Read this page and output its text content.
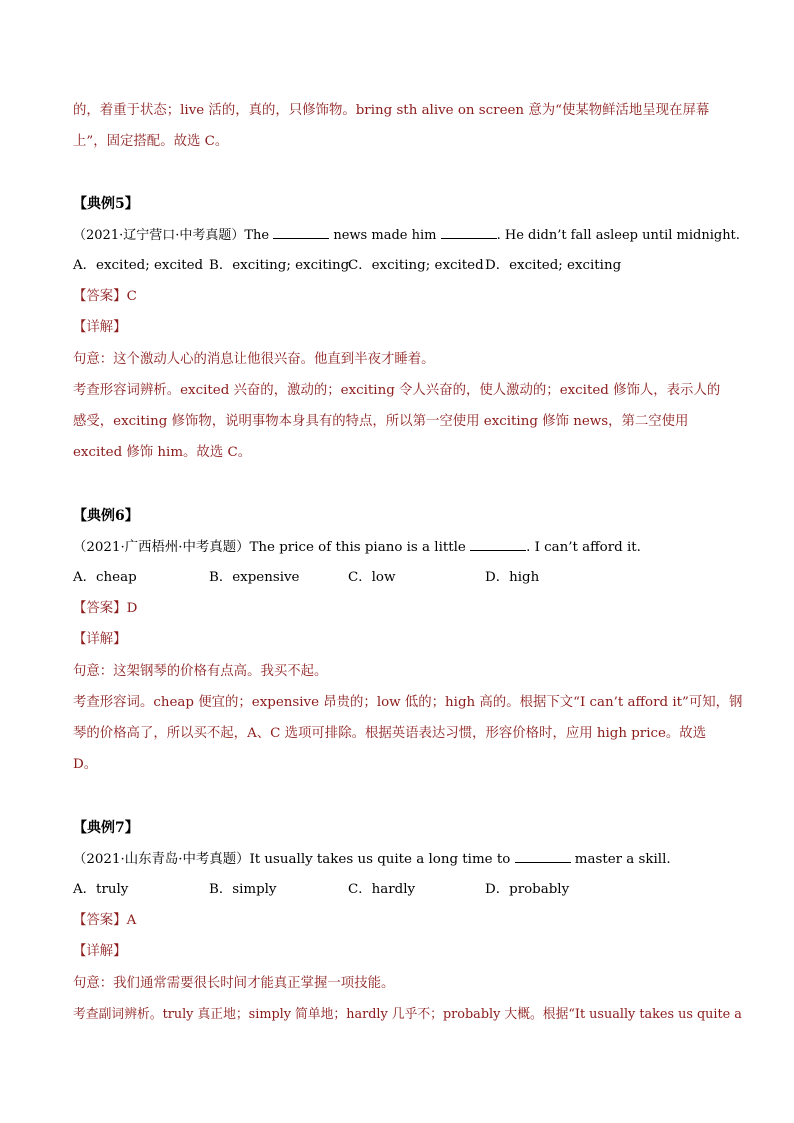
的，着重于状态；live 活的，真的，只修饰物。bring sth alive on screen 意为“使某物鲜活地呈现在屏幕
上”，固定搭配。故选 C。
【典例5】
（2021·辽宁营口·中考真题）The	news made him	. He didn’t fall asleep until midnight.
A．excited; excited B．exciting; exciting
C．exciting; excited D．excited; exciting
【答案】C
【详解】
句意：这个激动人心的消息让他很兴奋。他直到半夜才睡着。
考查形容词辨析。excited 兴奋的，激动的；exciting 令人兴奋的，使人激动的；excited 修饰人，表示人的
感受，exciting 修饰物，说明事物本身具有的特点，所以第一空使用 exciting 修饰 news，第二空使用
excited 修饰 him。故选 C。
【典例6】
（2021·广西梧州·中考真题）The price of this piano is a little	. I can’t afford it.
A．cheap	B．expensive	C．low	D．high
【答案】D
【详解】
句意：这架钢琴的价格有点高。我买不起。
考查形容词。cheap 便宜的；expensive 昂贵的；low 低的；high 高的。根据下文“I can’t afford it”可知，钢
琴的价格高了，所以买不起，A、C 选项可排除。根据英语表达习惯，形容价格时，应用 high price。故选
D。
【典例7】
（2021·山东青岛·中考真题）It usually takes us quite a long time to	master a skill.
A．truly	B．simply	C．hardly	D．probably
【答案】A
【详解】
句意：我们通常需要很长时间才能真正掌握一项技能。
考查副词辨析。truly 真正地；simply 简单地；hardly 几乎不；probably 大概。根据“It usually takes us quite a
